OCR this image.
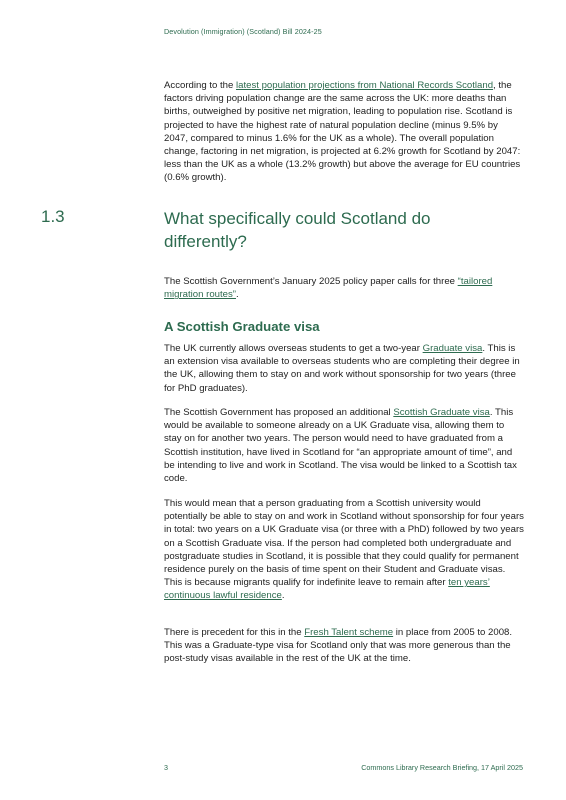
Devolution (Immigration) (Scotland) Bill 2024-25

According to the latest population projections from National Records Scotland, the factors driving population change are the same across the UK: more deaths than births, outweighed by positive net migration, leading to population rise. Scotland is projected to have the highest rate of natural population decline (minus 9.5% by 2047, compared to minus 1.6% for the UK as a whole). The overall population change, factoring in net migration, is projected at 6.2% growth for Scotland by 2047: less than the UK as a whole (13.2% growth) but above the average for EU countries (0.6% growth).

1.3	What specifically could Scotland do differently?

The Scottish Government’s January 2025 policy paper calls for three “tailored migration routes”.

A Scottish Graduate visa

The UK currently allows overseas students to get a two-year Graduate visa. This is an extension visa available to overseas students who are completing their degree in the UK, allowing them to stay on and work without sponsorship for two years (three for PhD graduates).

The Scottish Government has proposed an additional Scottish Graduate visa. This would be available to someone already on a UK Graduate visa, allowing them to stay on for another two years. The person would need to have graduated from a Scottish institution, have lived in Scotland for “an appropriate amount of time”, and be intending to live and work in Scotland. The visa would be linked to a Scottish tax code.

This would mean that a person graduating from a Scottish university would potentially be able to stay on and work in Scotland without sponsorship for four years in total: two years on a UK Graduate visa (or three with a PhD) followed by two years on a Scottish Graduate visa. If the person had completed both undergraduate and postgraduate studies in Scotland, it is possible that they could qualify for permanent residence purely on the basis of time spent on their Student and Graduate visas. This is because migrants qualify for indefinite leave to remain after ten years’ continuous lawful residence.

There is precedent for this in the Fresh Talent scheme in place from 2005 to 2008. This was a Graduate-type visa for Scotland only that was more generous than the post-study visas available in the rest of the UK at the time.

3	Commons Library Research Briefing, 17 April 2025
